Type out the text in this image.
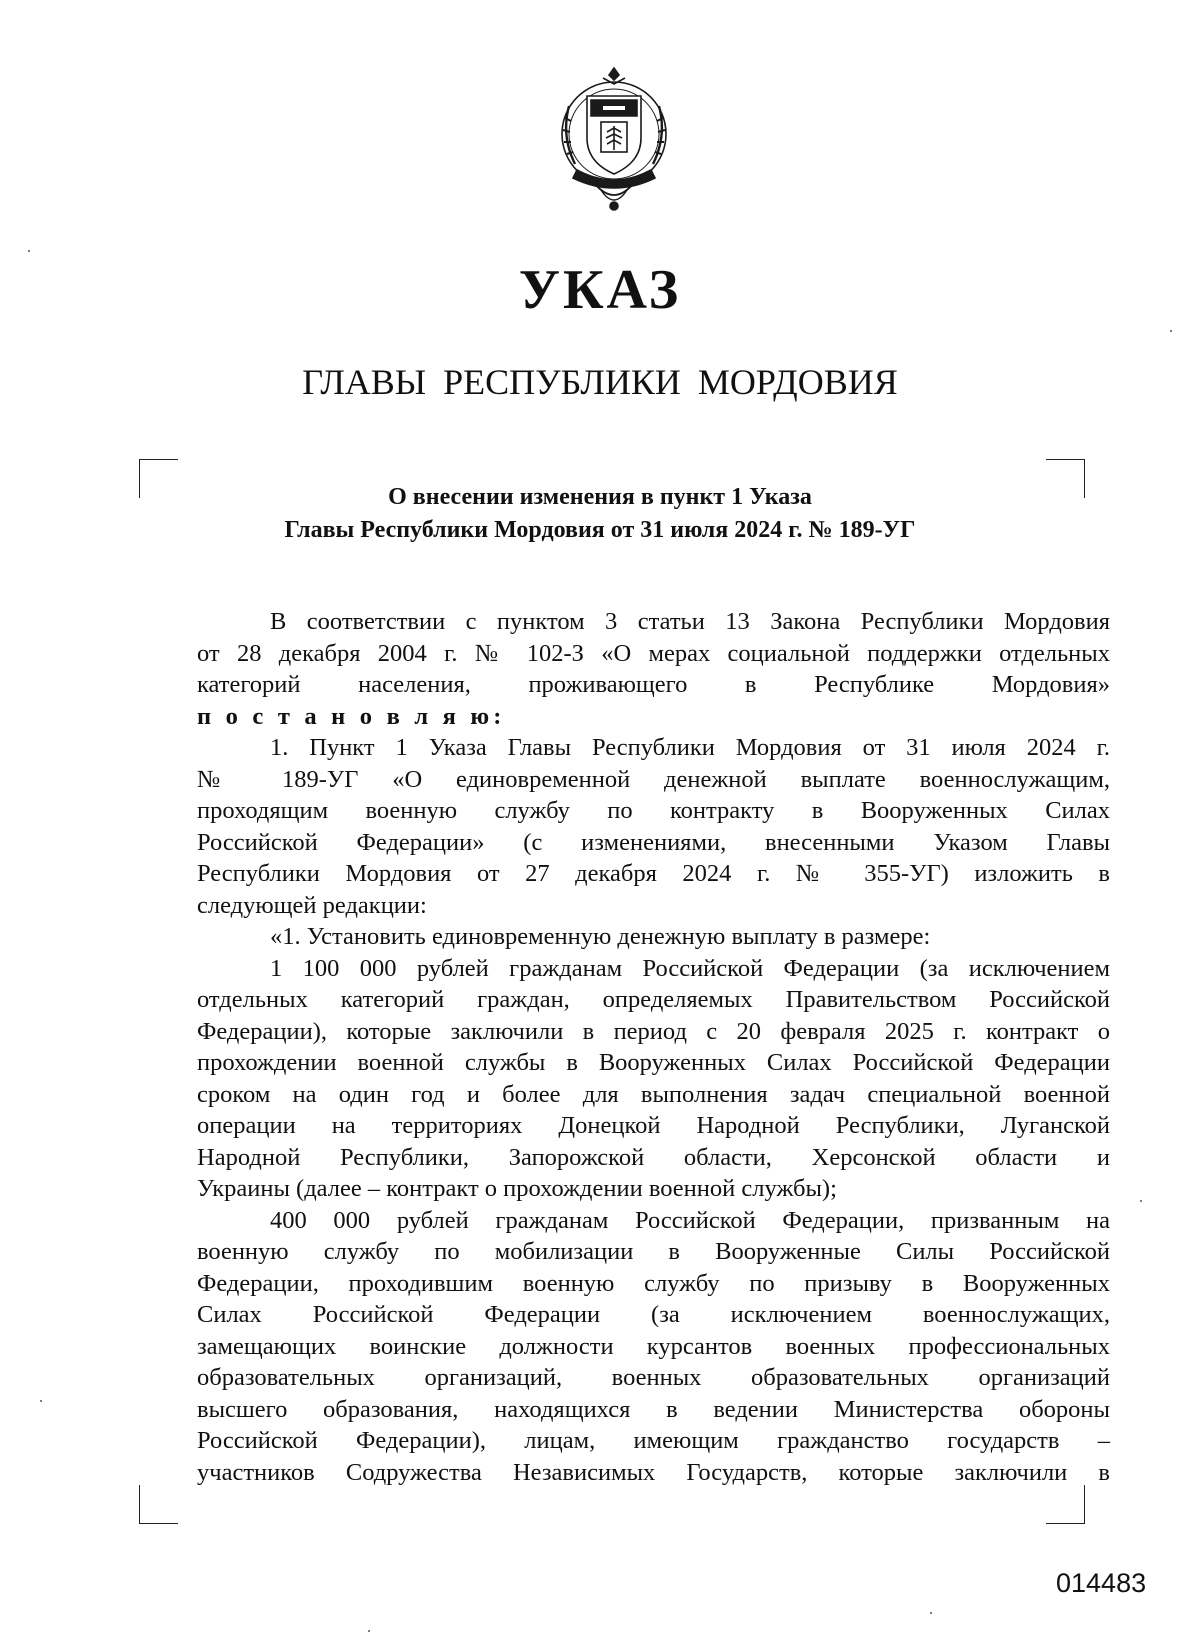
УКАЗ
ГЛАВЫ РЕСПУБЛИКИ МОРДОВИЯ
О внесении изменения в пункт 1 Указа
Главы Республики Мордовия от 31 июля 2024 г. № 189-УГ
В соответствии с пунктом 3 статьи 13 Закона Республики Мордовия
от 28 декабря 2004 г. № 102-З «О мерах социальной поддержки отдельных
категорий населения, проживающего в Республике Мордовия»
п о с т а н о в л я ю:
1. Пункт 1 Указа Главы Республики Мордовия от 31 июля 2024 г.
№ 189-УГ «О единовременной денежной выплате военнослужащим,
проходящим военную службу по контракту в Вооруженных Силах
Российской Федерации» (с изменениями, внесенными Указом Главы
Республики Мордовия от 27 декабря 2024 г. № 355-УГ) изложить в
следующей редакции:
«1. Установить единовременную денежную выплату в размере:
1 100 000 рублей гражданам Российской Федерации (за исключением
отдельных категорий граждан, определяемых Правительством Российской
Федерации), которые заключили в период с 20 февраля 2025 г. контракт о
прохождении военной службы в Вооруженных Силах Российской Федерации
сроком на один год и более для выполнения задач специальной военной
операции на территориях Донецкой Народной Республики, Луганской
Народной Республики, Запорожской области, Херсонской области и
Украины (далее – контракт о прохождении военной службы);
400 000 рублей гражданам Российской Федерации, призванным на
военную службу по мобилизации в Вооруженные Силы Российской
Федерации, проходившим военную службу по призыву в Вооруженных
Силах Российской Федерации (за исключением военнослужащих,
замещающих воинские должности курсантов военных профессиональных
образовательных организаций, военных образовательных организаций
высшего образования, находящихся в ведении Министерства обороны
Российской Федерации), лицам, имеющим гражданство государств –
участников Содружества Независимых Государств, которые заключили в
014483
